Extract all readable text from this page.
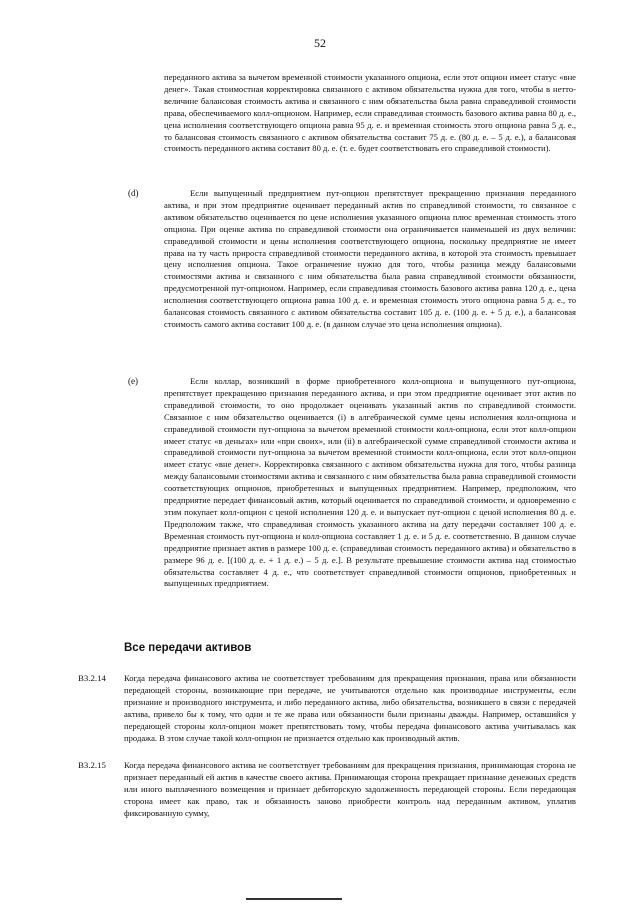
52

переданного актива за вычетом временной стоимости указанного опциона, если этот опцион имеет статус «вне денег». Такая стоимостная корректировка связанного с активом обязательства нужна для того, чтобы в нетто-величине балансовая стоимость актива и связанного с ним обязательства была равна справедливой стоимости права, обеспечиваемого колл-опционом. Например, если справедливая стоимость базового актива равна 80 д. е., цена исполнения соответствующего опциона равна 95 д. е. и временная стоимость этого опциона равна 5 д. е., то балансовая стоимость связанного с активом обязательства составит 75 д. е. (80 д. е. – 5 д. е.), а балансовая стоимость переданного актива составит 80 д. е. (т. е. будет соответствовать его справедливой стоимости).

(d)	Если выпущенный предприятием пут-опцион препятствует прекращению признания переданного актива, и при этом предприятие оценивает переданный актив по справедливой стоимости, то связанное с активом обязательство оценивается по цене исполнения указанного опциона плюс временная стоимость этого опциона. При оценке актива по справедливой стоимости она ограничивается наименьшей из двух величин: справедливой стоимости и цены исполнения соответствующего опциона, поскольку предприятие не имеет права на ту часть прироста справедливой стоимости переданного актива, в которой эта стоимость превышает цену исполнения опциона. Такое ограничение нужно для того, чтобы разница между балансовыми стоимостями актива и связанного с ним обязательства была равна справедливой стоимости обязанности, предусмотренной пут-опционом. Например, если справедливая стоимость базового актива равна 120 д. е., цена исполнения соответствующего опциона равна 100 д. е. и временная стоимость этого опциона равна 5 д. е., то балансовая стоимость связанного с активом обязательства составит 105 д. е. (100 д. е. + 5 д. е.), а балансовая стоимость самого актива составит 100 д. е. (в данном случае это цена исполнения опциона).

(e)	Если коллар, возникший в форме приобретенного колл-опциона и выпущенного пут-опциона, препятствует прекращению признания переданного актива, и при этом предприятие оценивает этот актив по справедливой стоимости, то оно продолжает оценивать указанный актив по справедливой стоимости. Связанное с ним обязательство оценивается (i) в алгебраической сумме цены исполнения колл-опциона и справедливой стоимости пут-опциона за вычетом временной стоимости колл-опциона, если этот колл-опцион имеет статус «в деньгах» или «при своих», или (ii) в алгебраической сумме справедливой стоимости актива и справедливой стоимости пут-опциона за вычетом временной стоимости колл-опциона, если этот колл-опцион имеет статус «вне денег». Корректировка связанного с активом обязательства нужна для того, чтобы разница между балансовыми стоимостями актива и связанного с ним обязательства была равна справедливой стоимости соответствующих опционов, приобретенных и выпущенных предприятием. Например, предположим, что предприятие передает финансовый актив, который оценивается по справедливой стоимости, и одновременно с этим покупает колл-опцион с ценой исполнения 120 д. е. и выпускает пут-опцион с ценой исполнения 80 д. е. Предположим также, что справедливая стоимость указанного актива на дату передачи составляет 100 д. е. Временная стоимость пут-опциона и колл-опциона составляет 1 д. е. и 5 д. е. соответственно. В данном случае предприятие признает актив в размере 100 д. е. (справедливая стоимость переданного актива) и обязательство в размере 96 д. е. [(100 д. е. + 1 д. е.) – 5 д. е.]. В результате превышение стоимости актива над стоимостью обязательства составляет 4 д. е., что соответствует справедливой стоимости опционов, приобретенных и выпущенных предприятием.

Все передачи активов
B3.2.14 Когда передача финансового актива не соответствует требованиям для прекращения признания, права или обязанности передающей стороны, возникающие при передаче, не учитываются отдельно как производные инструменты, если признание и производного инструмента, и либо переданного актива, либо обязательства, возникшего в связи с передачей актива, привело бы к тому, что одни и те же права или обязанности были признаны дважды. Например, оставшийся у передающей стороны колл-опцион может препятствовать тому, чтобы передача финансового актива учитывалась как продажа. В этом случае такой колл-опцион не признается отдельно как производный актив.

B3.2.15 Когда передача финансового актива не соответствует требованиям для прекращения признания, принимающая сторона не признает переданный ей актив в качестве своего актива. Принимающая сторона прекращает признание денежных средств или иного выплаченного возмещения и признает дебиторскую задолженность передающей стороны. Если передающая сторона имеет как право, так и обязанность заново приобрести контроль над переданным активом, уплатив фиксированную сумму,
